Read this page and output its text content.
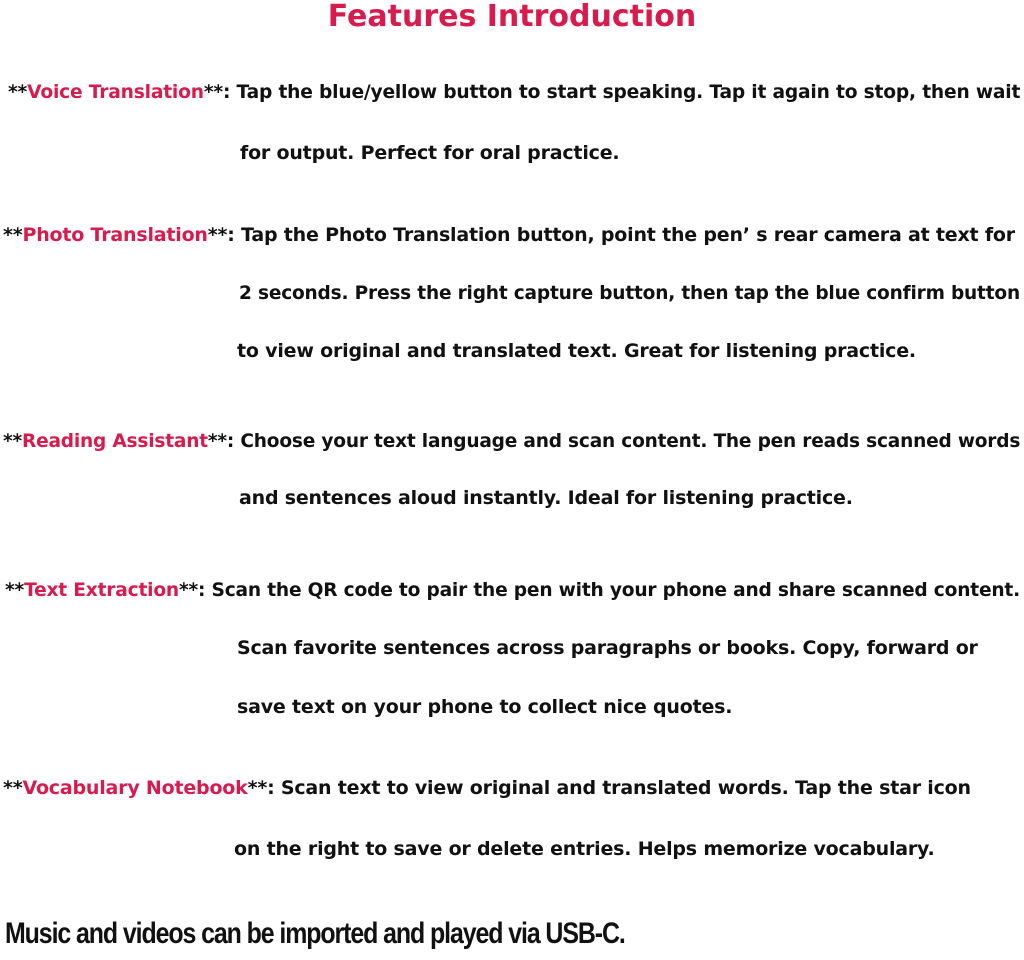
Features Introduction
**Voice Translation**: Tap the blue/yellow button to start speaking. Tap it again to stop, then wait
for output. Perfect for oral practice.
**Photo Translation**: Tap the Photo Translation button, point the pen’ s rear camera at text for
2 seconds. Press the right capture button, then tap the blue confirm button
to view original and translated text. Great for listening practice.
**Reading Assistant**: Choose your text language and scan content. The pen reads scanned words
and sentences aloud instantly. Ideal for listening practice.
**Text Extraction**: Scan the QR code to pair the pen with your phone and share scanned content.
Scan favorite sentences across paragraphs or books. Copy, forward or
save text on your phone to collect nice quotes.
**Vocabulary Notebook**: Scan text to view original and translated words. Tap the star icon
on the right to save or delete entries. Helps memorize vocabulary.
Music and videos can be imported and played via USB-C.
